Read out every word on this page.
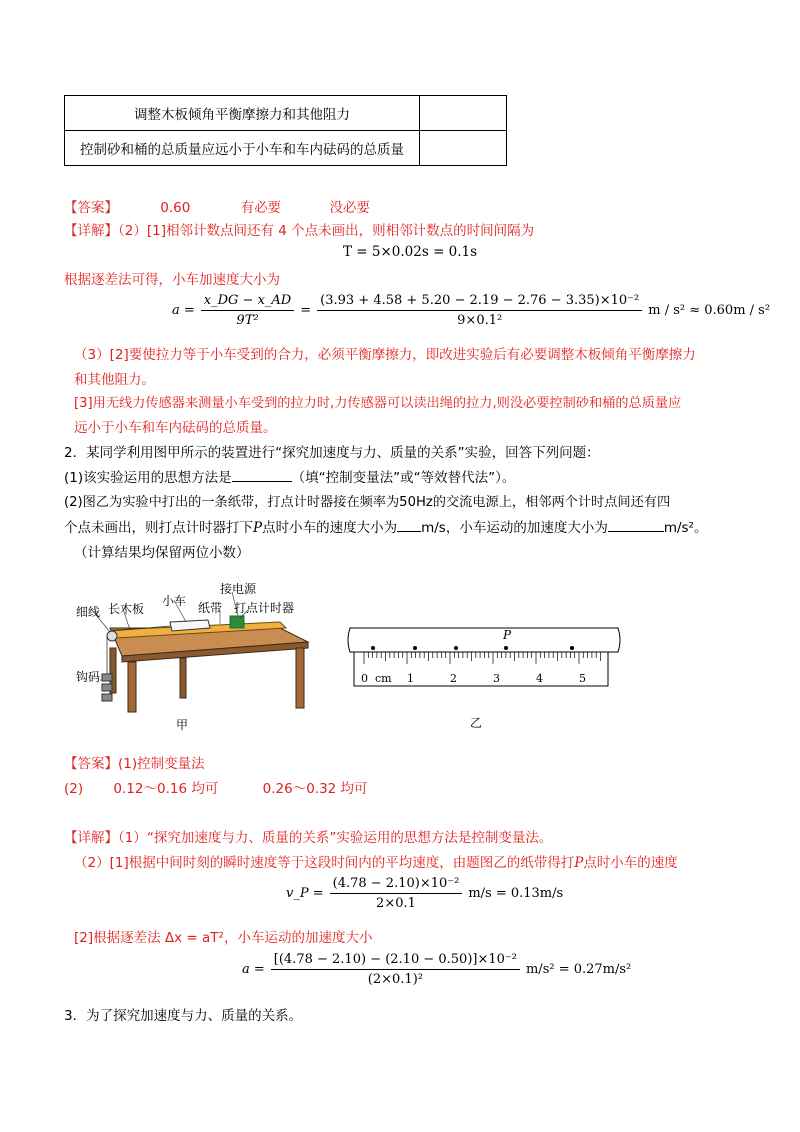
调整木板倾角平衡摩擦力和其他阻力	
控制砂和桶的总质量应远小于小车和车内砝码的总质量	
【答案】	0.60	有必要	没必要
【详解】（2）[1]相邻计数点间还有 4 个点未画出，则相邻计数点的时间间隔为
T = 5×0.02s = 0.1s
根据逐差法可得，小车加速度大小为
$a = \frac{x\_DG - x\_AD}{\text{9T²}} = \frac{\text{(3.93 + 4.58 + 5.20 − 2.19 − 2.76 − 3.35)×10⁻²}}{\text{9×0.1²}}$ m / s² ≈ 0.60m / s²
（3）[2]要使拉力等于小车受到的合力，必须平衡摩擦力，即改进实验后有必要调整木板倾角平衡摩擦力
和其他阻力。
[3]用无线力传感器来测量小车受到的拉力时,力传感器可以读出绳的拉力,则没必要控制砂和桶的总质量应
远小于小车和车内砝码的总质量。
2．某同学利用图甲所示的装置进行“探究加速度与力、质量的关系”实验，回答下列问题：
(1)该实验运用的思想方法是	（填“控制变量法”或“等效替代法”）。
(2)图乙为实验中打出的一条纸带，打点计时器接在频率为50Hz的交流电源上，相邻两个计时点间还有四
个点未画出，则打点计时器打下P点时小车的速度大小为 m/s，小车运动的加速度大小为	m/s²。
（计算结果均保留两位小数）
细线 长木板
小车
接电源
纸带 打点计时器
钩码
甲
P
0 cm 1	2	3	4	5
乙
【答案】(1)控制变量法
(2) 0.12～0.16 均可	0.26～0.32 均可
【详解】（1）“探究加速度与力、质量的关系”实验运用的思想方法是控制变量法。
（2）[1]根据中间时刻的瞬时速度等于这段时间内的平均速度，由题图乙的纸带得打P点时小车的速度
v_P = $\frac{\text{(4.78 − 2.10)×10⁻²}}{2\times 0.1} m/s = 0.13m/s$
[2]根据逐差法 Δx = aT²，小车运动的加速度大小
$a = \frac{\text{[(4.78 − 2.10) − (2.10 − 0.50)]×10⁻²}}{\text{(2×0.1)²}} m/s^2 = 0.27m/s^2$
3．为了探究加速度与力、质量的关系。
